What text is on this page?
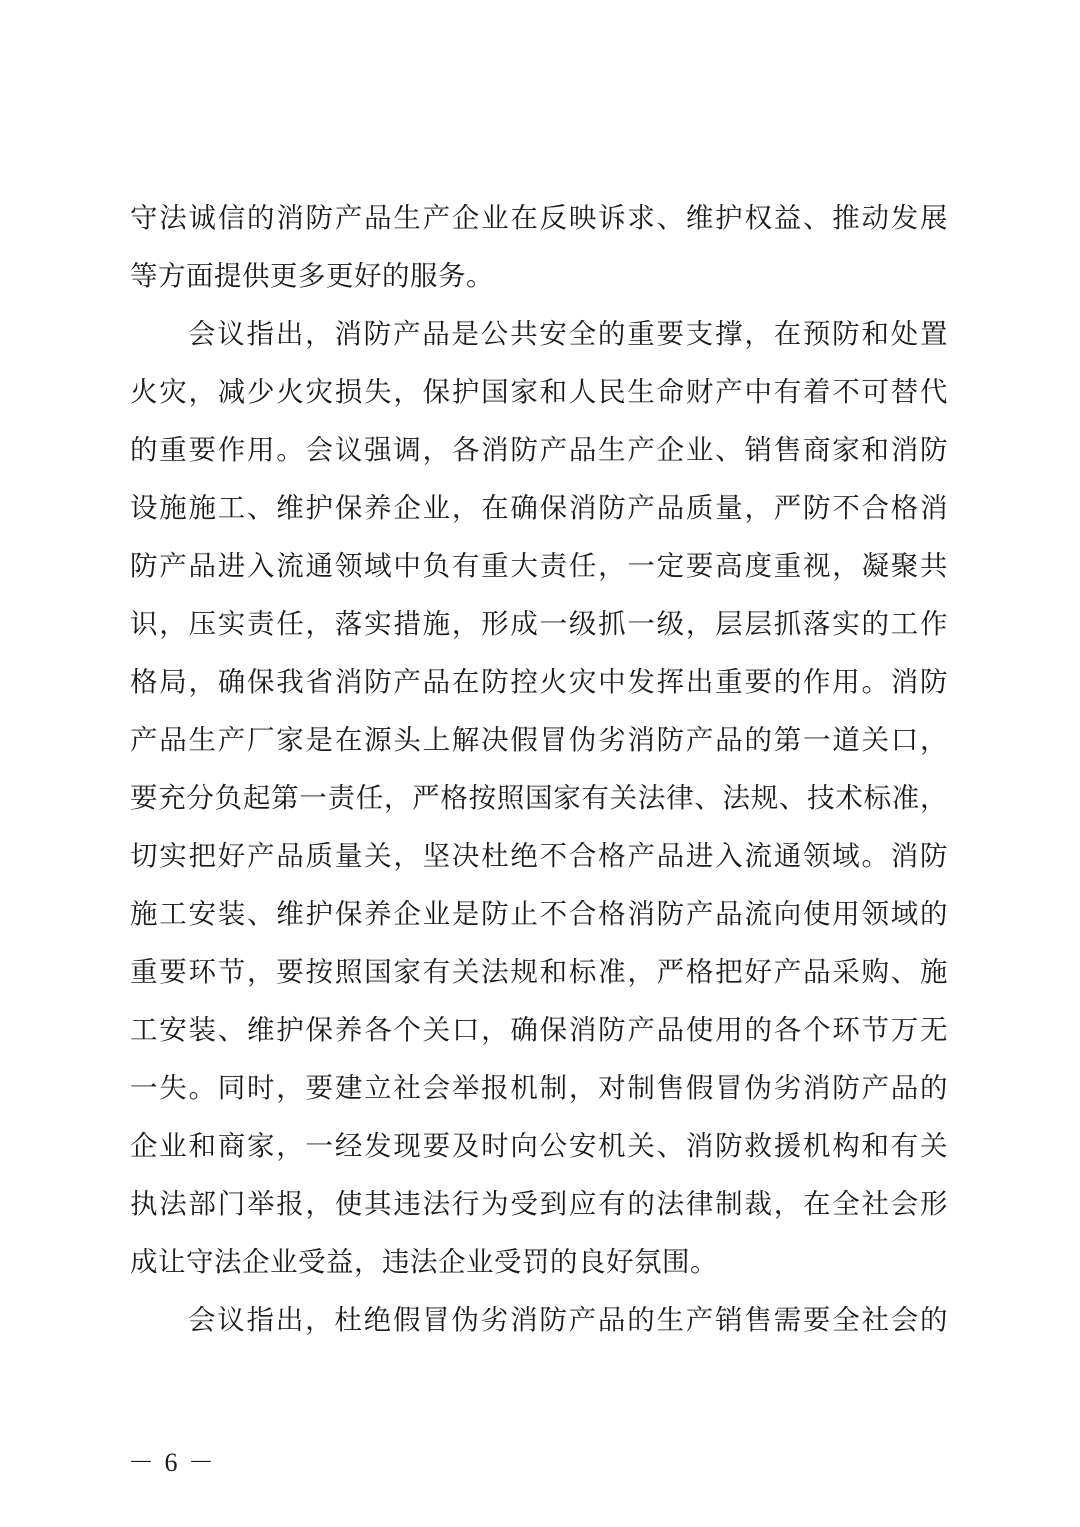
守法诚信的消防产品生产企业在反映诉求、维护权益、推动发展
等方面提供更多更好的服务。
会议指出，消防产品是公共安全的重要支撑，在预防和处置
火灾，减少火灾损失，保护国家和人民生命财产中有着不可替代
的重要作用。会议强调，各消防产品生产企业、销售商家和消防
设施施工、维护保养企业，在确保消防产品质量，严防不合格消
防产品进入流通领域中负有重大责任，一定要高度重视，凝聚共
识，压实责任，落实措施，形成一级抓一级，层层抓落实的工作
格局，确保我省消防产品在防控火灾中发挥出重要的作用。消防
产品生产厂家是在源头上解决假冒伪劣消防产品的第一道关口，
要充分负起第一责任，严格按照国家有关法律、法规、技术标准，
切实把好产品质量关，坚决杜绝不合格产品进入流通领域。消防
施工安装、维护保养企业是防止不合格消防产品流向使用领域的
重要环节，要按照国家有关法规和标准，严格把好产品采购、施
工安装、维护保养各个关口，确保消防产品使用的各个环节万无
一失。同时，要建立社会举报机制，对制售假冒伪劣消防产品的
企业和商家，一经发现要及时向公安机关、消防救援机构和有关
执法部门举报，使其违法行为受到应有的法律制裁，在全社会形
成让守法企业受益，违法企业受罚的良好氛围。
会议指出，杜绝假冒伪劣消防产品的生产销售需要全社会的
－ 6 －
